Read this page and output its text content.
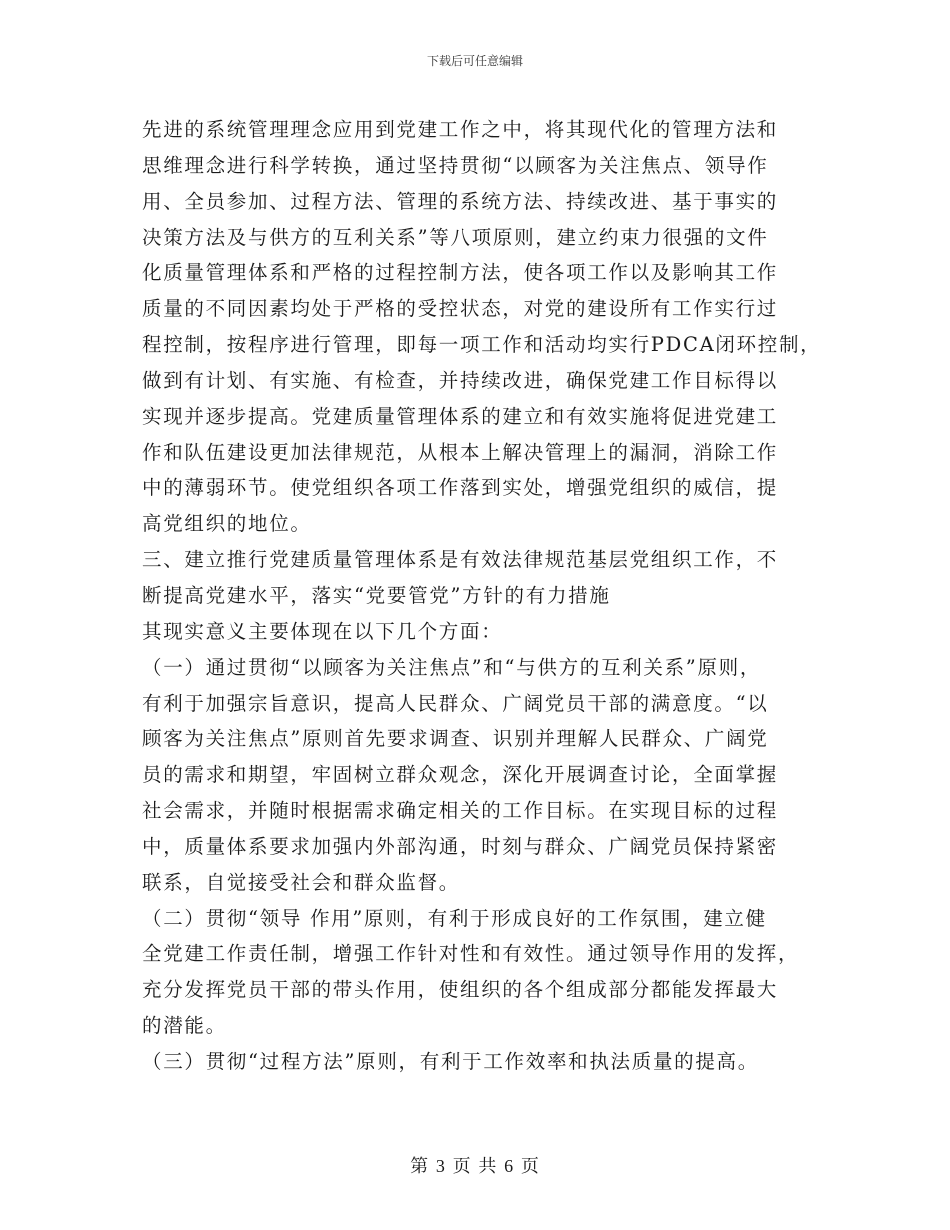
下载后可任意编辑
先进的系统管理理念应用到党建工作之中，将其现代化的管理方法和
思维理念进行科学转换，通过坚持贯彻“以顾客为关注焦点、领导作
用、全员参加、过程方法、管理的系统方法、持续改进、基于事实的
决策方法及与供方的互利关系”等八项原则，建立约束力很强的文件
化质量管理体系和严格的过程控制方法，使各项工作以及影响其工作
质量的不同因素均处于严格的受控状态，对党的建设所有工作实行过
程控制，按程序进行管理，即每一项工作和活动均实行PDCA闭环控制，
做到有计划、有实施、有检查，并持续改进，确保党建工作目标得以
实现并逐步提高。党建质量管理体系的建立和有效实施将促进党建工
作和队伍建设更加法律规范，从根本上解决管理上的漏洞，消除工作
中的薄弱环节。使党组织各项工作落到实处，增强党组织的威信，提
高党组织的地位。
三、建立推行党建质量管理体系是有效法律规范基层党组织工作，不
断提高党建水平，落实“党要管党”方针的有力措施
其现实意义主要体现在以下几个方面：
（一）通过贯彻“以顾客为关注焦点”和“与供方的互利关系”原则，
有利于加强宗旨意识，提高人民群众、广阔党员干部的满意度。“以
顾客为关注焦点”原则首先要求调查、识别并理解人民群众、广阔党
员的需求和期望，牢固树立群众观念，深化开展调查讨论，全面掌握
社会需求，并随时根据需求确定相关的工作目标。在实现目标的过程
中，质量体系要求加强内外部沟通，时刻与群众、广阔党员保持紧密
联系，自觉接受社会和群众监督。
（二）贯彻“领导 作用”原则，有利于形成良好的工作氛围，建立健
全党建工作责任制，增强工作针对性和有效性。通过领导作用的发挥，
充分发挥党员干部的带头作用，使组织的各个组成部分都能发挥最大
的潜能。
（三）贯彻“过程方法”原则，有利于工作效率和执法质量的提高。
第 3 页 共 6 页
